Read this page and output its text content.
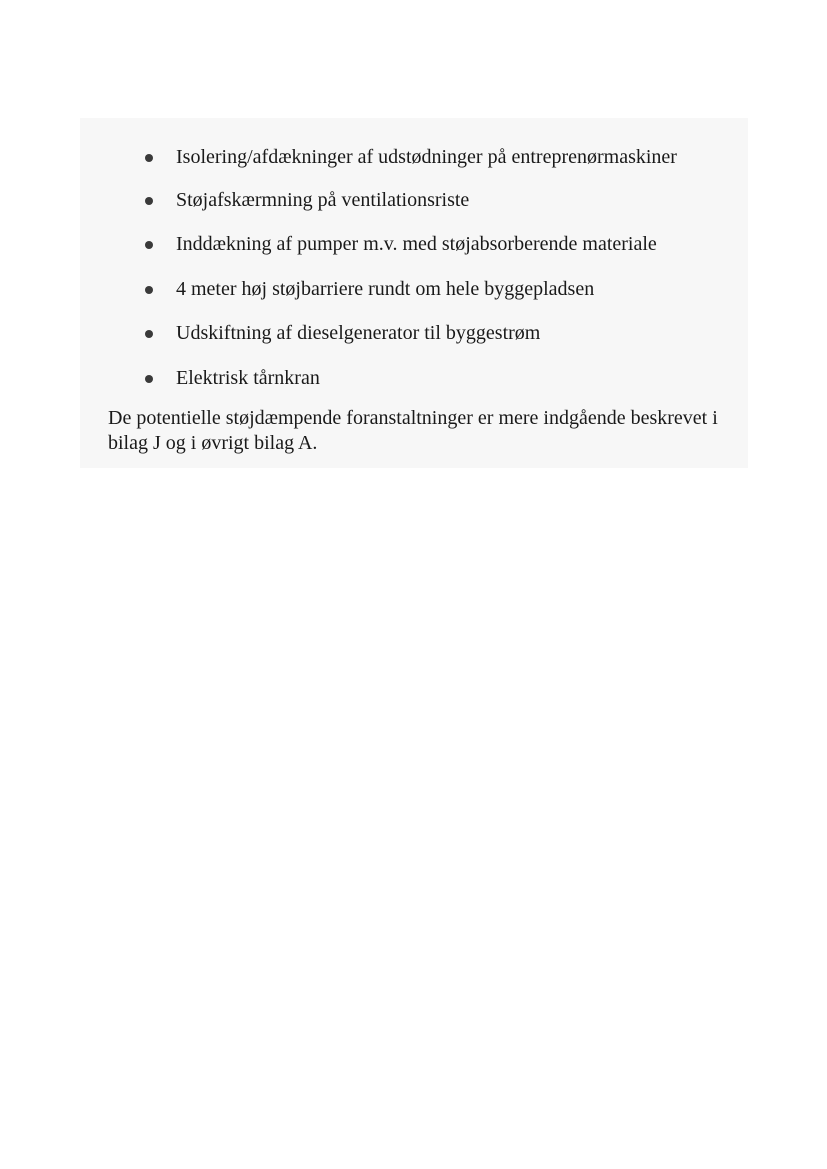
Isolering/afdækninger af udstødninger på entreprenørmaskiner
Støjafskærmning på ventilationsriste
Inddækning af pumper m.v. med støjabsorberende materiale
4 meter høj støjbarriere rundt om hele byggepladsen
Udskiftning af dieselgenerator til byggestrøm
Elektrisk tårnkran

De potentielle støjdæmpende foranstaltninger er mere indgående beskrevet i bilag J og i øvrigt bilag A.
